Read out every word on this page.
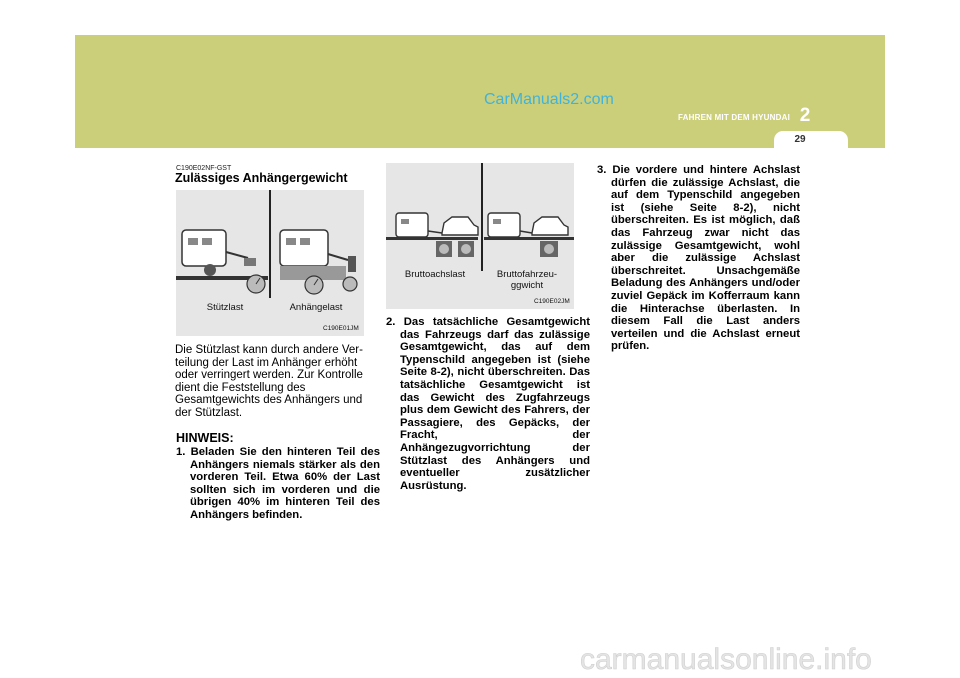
CarManuals2.com
FAHREN MIT DEM HYUNDAI 2
29
C190E02NF-GST
Zulässiges Anhängergewicht
Stützlast	Anhängelast
C190E01JM
Bruttoachslast	Bruttofahrzeu-
ggwicht
C190E02JM

Die Stützlast kann durch andere Ver-teilung der Last im Anhänger erhöht oder verringert werden. Zur Kontrolle dient die Feststellung des Gesamtgewichts des Anhängers und der Stützlast.

HINWEIS:

1. Beladen Sie den hinteren Teil des Anhängers niemals stärker als den vorderen Teil. Etwa 60% der Last sollten sich im vorderen und die übrigen 40% im hinteren Teil des Anhängers befinden.

2. Das tatsächliche Gesamtgewicht das Fahrzeugs darf das zulässige Gesamtgewicht, das auf dem Typenschild angegeben ist (siehe Seite 8-2), nicht überschreiten. Das tatsächliche Gesamtgewicht ist das Gewicht des Zugfahrzeugs plus dem Gewicht des Fahrers, der Passagiere, des Gepäcks, der Fracht, der Anhängezugvorrichtung der Stützlast des Anhängers und eventueller zusätzlicher Ausrüstung.

3. Die vordere und hintere Achslast dürfen die zulässige Achslast, die auf dem Typenschild angegeben ist (siehe Seite 8-2), nicht überschreiten. Es ist möglich, daß das Fahrzeug zwar nicht das zulässige Gesamtgewicht, wohl aber die zulässige Achslast überschreitet. Unsachgemäße Beladung des Anhängers und/oder zuviel Gepäck im Kofferraum kann die Hinterachse überlasten. In diesem Fall die Last anders verteilen und die Achslast erneut prüfen.

carmanualsonline.info
